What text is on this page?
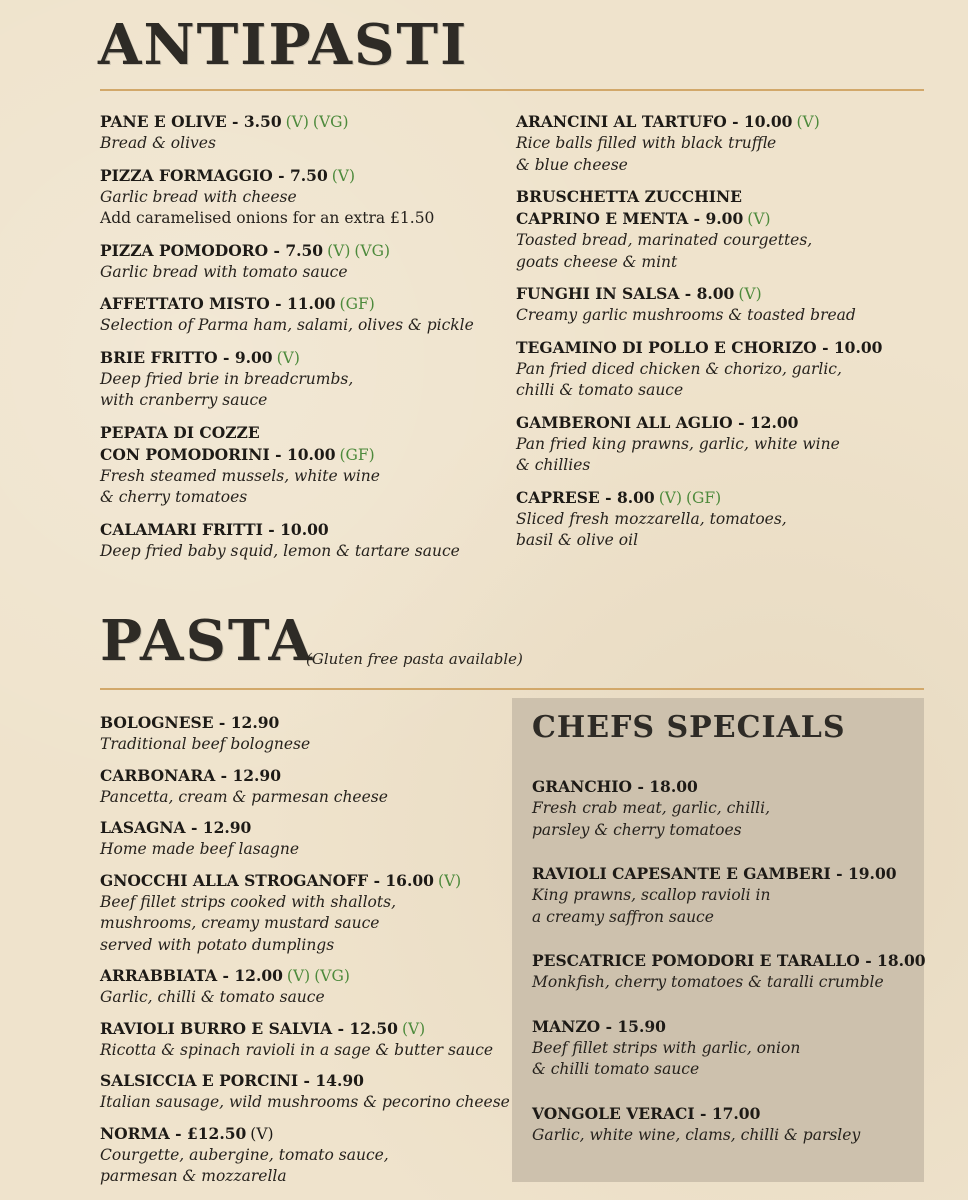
ANTIPASTI
PANE E OLIVE - 3.50 (V) (VG)
Bread & olives
PIZZA FORMAGGIO - 7.50 (V)
Garlic bread with cheese
Add caramelised onions for an extra £1.50
PIZZA POMODORO - 7.50 (V) (VG)
Garlic bread with tomato sauce
AFFETTATO MISTO - 11.00 (GF)
Selection of Parma ham, salami, olives & pickle
BRIE FRITTO - 9.00 (V)
Deep fried brie in breadcrumbs,
with cranberry sauce
PEPATA DI COZZE
CON POMODORINI - 10.00 (GF)
Fresh steamed mussels, white wine
& cherry tomatoes
CALAMARI FRITTI - 10.00
Deep fried baby squid, lemon & tartare sauce
ARANCINI AL TARTUFO - 10.00 (V)
Rice balls filled with black truffle
& blue cheese
BRUSCHETTA ZUCCHINE
CAPRINO E MENTA - 9.00 (V)
Toasted bread, marinated courgettes,
goats cheese & mint
FUNGHI IN SALSA - 8.00 (V)
Creamy garlic mushrooms & toasted bread
TEGAMINO DI POLLO E CHORIZO - 10.00
Pan fried diced chicken & chorizo, garlic,
chilli & tomato sauce
GAMBERONI ALL AGLIO - 12.00
Pan fried king prawns, garlic, white wine
& chillies
CAPRESE - 8.00 (V) (GF)
Sliced fresh mozzarella, tomatoes,
basil & olive oil
PASTA
(Gluten free pasta available)
BOLOGNESE - 12.90
Traditional beef bolognese
CARBONARA - 12.90
Pancetta, cream & parmesan cheese
LASAGNA - 12.90
Home made beef lasagne
GNOCCHI ALLA STROGANOFF - 16.00 (V)
Beef fillet strips cooked with shallots,
mushrooms, creamy mustard sauce
served with potato dumplings
ARRABBIATA - 12.00 (V) (VG)
Garlic, chilli & tomato sauce
RAVIOLI BURRO E SALVIA - 12.50 (V)
Ricotta & spinach ravioli in a sage & butter sauce
SALSICCIA E PORCINI - 14.90
Italian sausage, wild mushrooms & pecorino cheese
NORMA - £12.50 (V)
Courgette, aubergine, tomato sauce,
parmesan & mozzarella
CHEFS SPECIALS
GRANCHIO - 18.00
Fresh crab meat, garlic, chilli,
parsley & cherry tomatoes
RAVIOLI CAPESANTE E GAMBERI - 19.00
King prawns, scallop ravioli in
a creamy saffron sauce
PESCATRICE POMODORI E TARALLO - 18.00
Monkfish, cherry tomatoes & taralli crumble
MANZO - 15.90
Beef fillet strips with garlic, onion
& chilli tomato sauce
VONGOLE VERACI - 17.00
Garlic, white wine, clams, chilli & parsley
